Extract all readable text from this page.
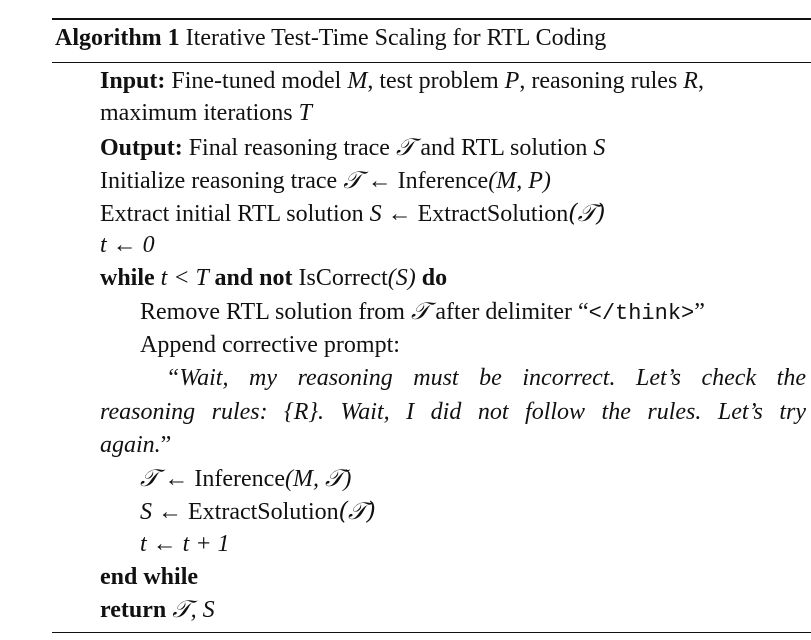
Algorithm 1 Iterative Test-Time Scaling for RTL Coding
Input: Fine-tuned model M, test problem P, reasoning rules R,
maximum iterations T
Output: Final reasoning trace 𝒯 and RTL solution S
Initialize reasoning trace 𝒯 ← Inference(M, P)
Extract initial RTL solution S ← ExtractSolution(𝒯)
t ← 0
while t < T and not IsCorrect(S) do
Remove RTL solution from 𝒯 after delimiter “</think>”
Append corrective prompt:
“Wait, my reasoning must be incorrect. Let’s check the
reasoning rules: {R}. Wait, I did not follow the rules. Let’s try
again.”
𝒯 ← Inference(M, 𝒯)
S ← ExtractSolution(𝒯)
t ← t + 1
end while
return 𝒯, S
